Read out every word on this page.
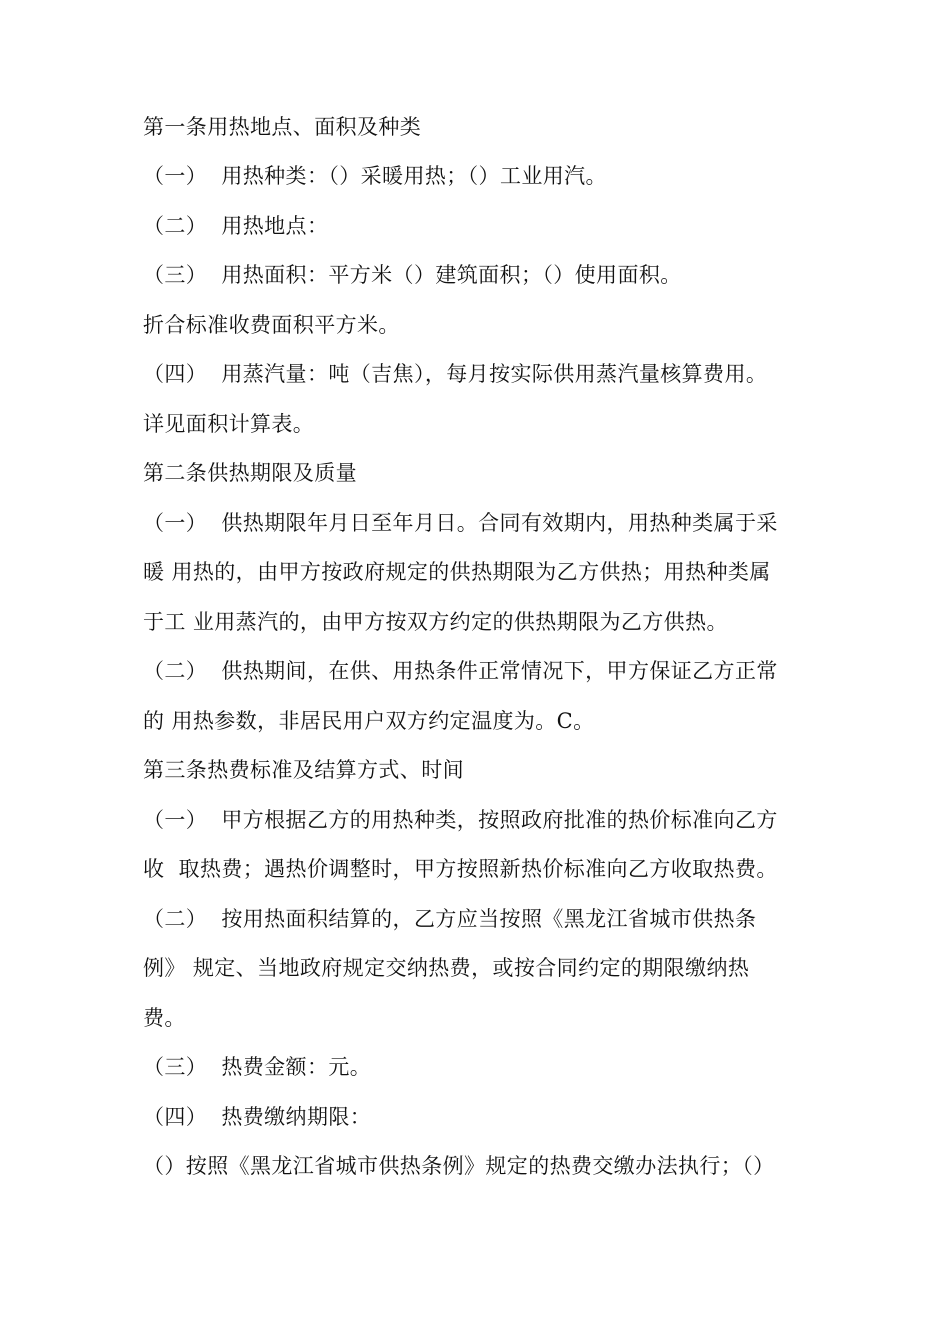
第一条用热地点、面积及种类
（一）  用热种类：（）采暖用热；（）工业用汽。
（二）  用热地点：
（三）  用热面积：平方米（）建筑面积；（）使用面积。
折合标准收费面积平方米。
（四）  用蒸汽量：吨（吉焦），每月按实际供用蒸汽量核算费用。
详见面积计算表。
第二条供热期限及质量
（一）  供热期限年月日至年月日。合同有效期内，用热种类属于采
暖 用热的，由甲方按政府规定的供热期限为乙方供热；用热种类属
于工 业用蒸汽的，由甲方按双方约定的供热期限为乙方供热。
（二）  供热期间，在供、用热条件正常情况下，甲方保证乙方正常
的 用热参数，非居民用户双方约定温度为。C。
第三条热费标准及结算方式、时间
（一）  甲方根据乙方的用热种类，按照政府批准的热价标准向乙方
收  取热费；遇热价调整时，甲方按照新热价标准向乙方收取热费。
（二）  按用热面积结算的，乙方应当按照《黑龙江省城市供热条
例》 规定、当地政府规定交纳热费，或按合同约定的期限缴纳热
费。
（三）  热费金额：元。
（四）  热费缴纳期限：
（）按照《黑龙江省城市供热条例》规定的热费交缴办法执行；（）
